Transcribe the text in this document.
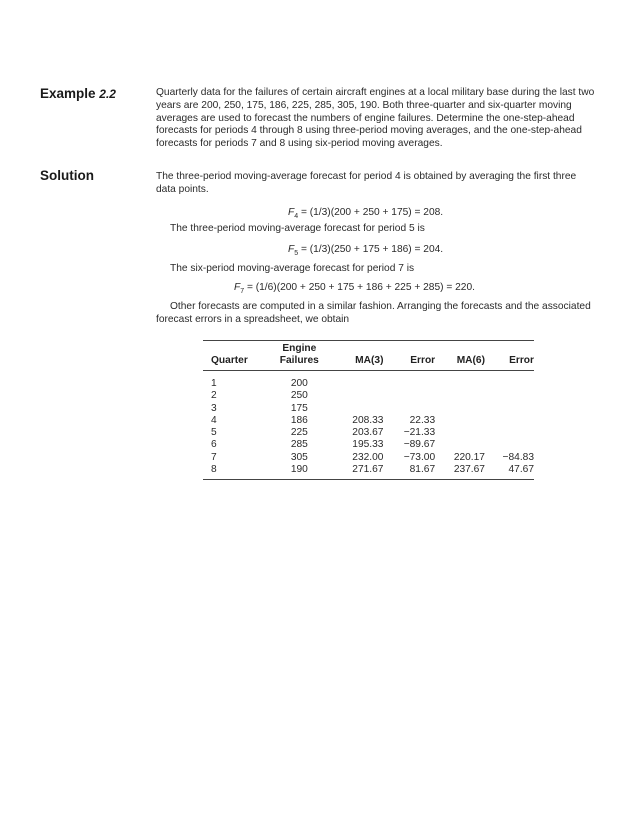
Example 2.2	Quarterly data for the failures of certain aircraft engines at a local military base during the last two years are 200, 250, 175, 186, 225, 285, 305, 190. Both three-quarter and six-quarter moving averages are used to forecast the numbers of engine failures. Determine the one-step-ahead forecasts for periods 4 through 8 using three-period moving averages, and the one-step-ahead forecasts for periods 7 and 8 using six-period moving averages.

Solution	The three-period moving-average forecast for period 4 is obtained by averaging the first three data points.

$F_4 = (1/3)(200 + 250 + 175) = 208$.

The three-period moving-average forecast for period 5 is

$F_5 = (1/3)(250 + 175 + 186) = 204$.

The six-period moving-average forecast for period 7 is

$F_7 = (1/6)(200 + 250 + 175 + 186 + 225 + 285) = 220$.

Other forecasts are computed in a similar fashion. Arranging the forecasts and the associated forecast errors in a spreadsheet, we obtain

	Engine				
Quarter	Failures	MA(3)	Error	MA(6)	Error

1	200				
2	250				
3	175				
4	186	208.33	22.33		
5	225	203.67	−21.33		
6	285	195.33	−89.67		
7	305	232.00	−73.00	220.17	−84.83
8	190	271.67	81.67	237.67	47.67
